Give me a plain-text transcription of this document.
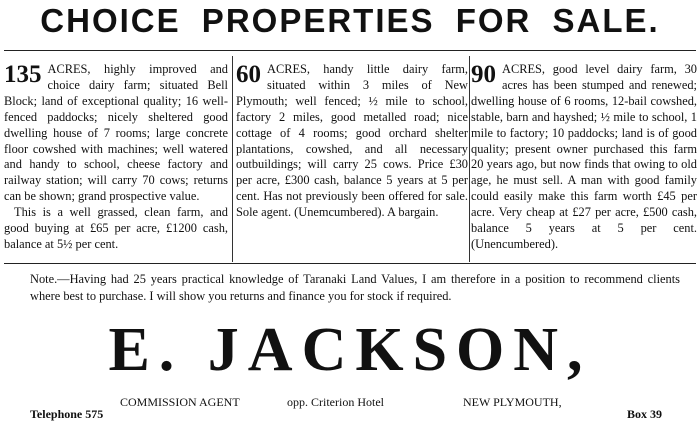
CHOICE PROPERTIES FOR SALE.
135 ACRES, highly improved and choice dairy farm; situated Bell Block; land of exceptional quality; 16 well-fenced paddocks; nicely sheltered good dwelling house of 7 rooms; large concrete floor cowshed with machines; well watered and handy to school, cheese factory and railway station; will carry 70 cows; returns can be shown; grand prospective value.
This is a well grassed, clean farm, and good buying at £65 per acre, £1200 cash, balance at 5½ per cent.
60 ACRES, handy little dairy farm, situated within 3 miles of New Plymouth; well fenced; ½ mile to school, factory 2 miles, good metalled road; nice cottage of 4 rooms; good orchard shelter plantations, cowshed, and all necessary outbuildings; will carry 25 cows. Price £30 per acre, £300 cash, balance 5 years at 5 per cent. Has not previously been offered for sale. Sole agent. (Unemcumbered). A bargain.
90 ACRES, good level dairy farm, 30 acres has been stumped and renewed; dwelling house of 6 rooms, 12-bail cowshed, stable, barn and hayshed; ½ mile to school, 1 mile to factory; 10 paddocks; land is of good quality; present owner purchased this farm 20 years ago, but now finds that owing to old age, he must sell. A man with good family could easily make this farm worth £45 per acre. Very cheap at £27 per acre, £500 cash, balance 5 years at 5 per cent. (Unencumbered).
Note.—Having had 25 years practical knowledge of Taranaki Land Values, I am therefore in a position to recommend clients where best to purchase. I will show you returns and finance you for stock if required.
E. JACKSON,
Telephone 575
COMMISSION AGENT	opp. Criterion Hotel	NEW PLYMOUTH,
Box 39
